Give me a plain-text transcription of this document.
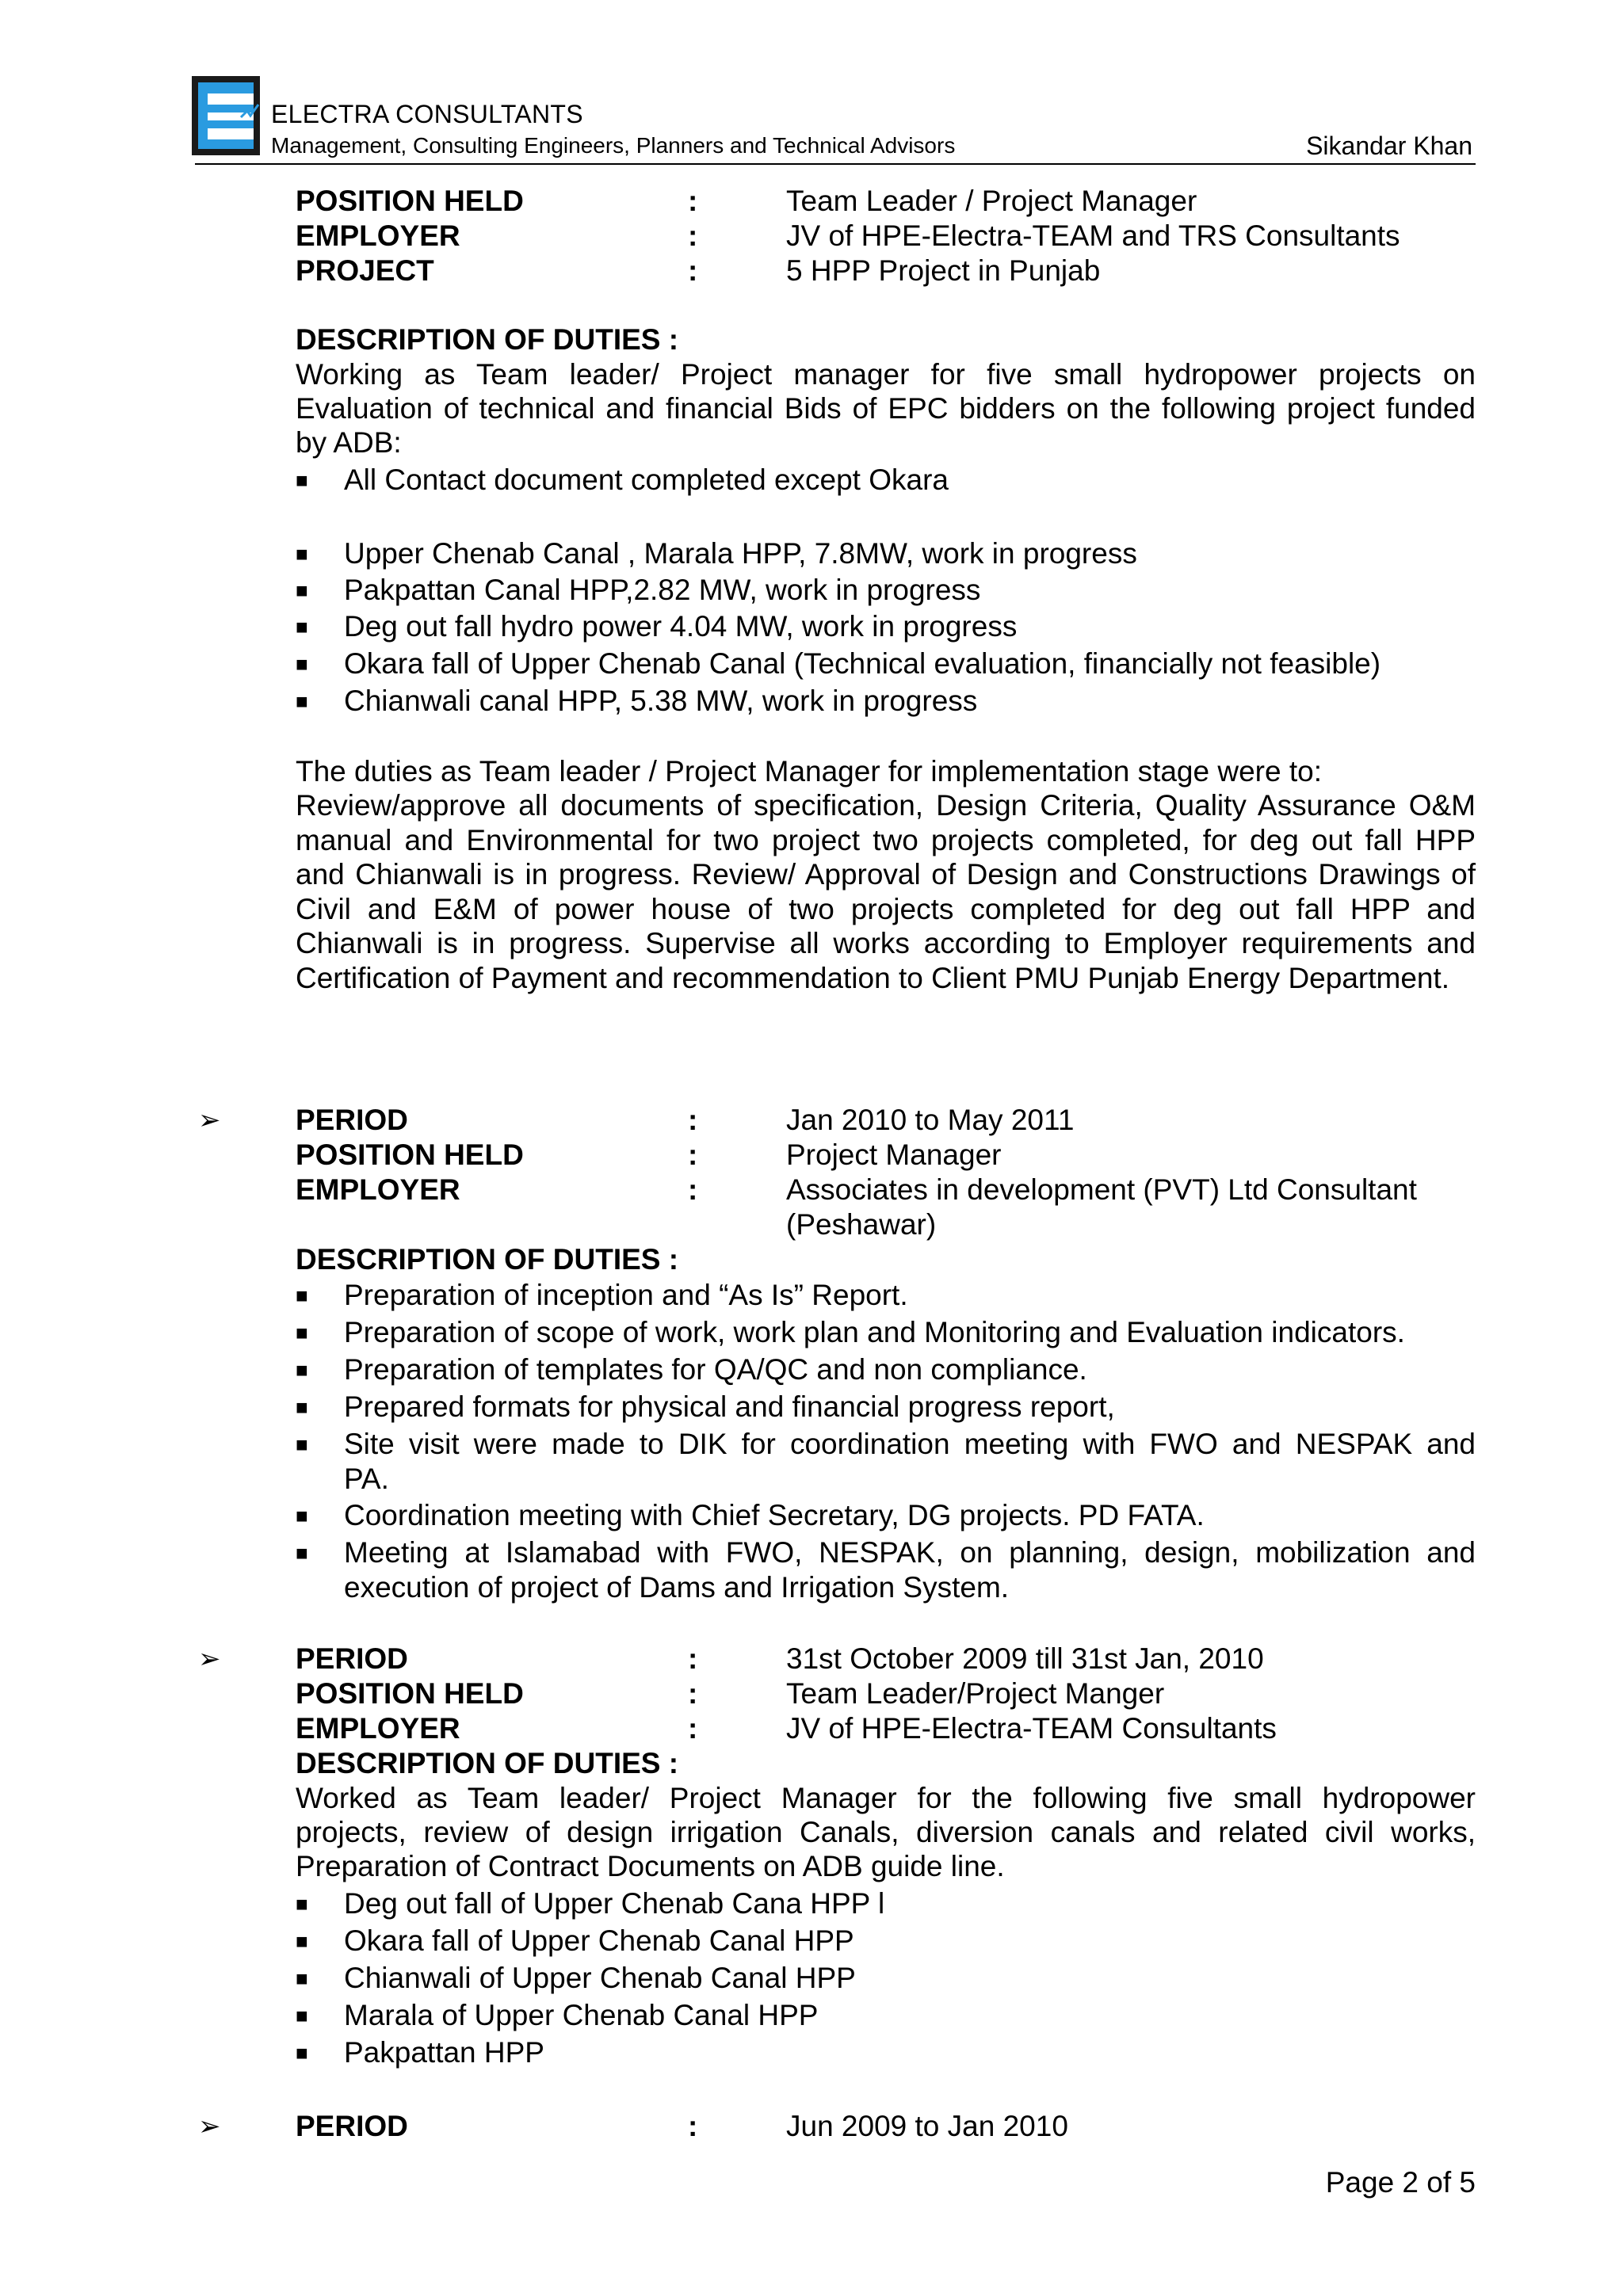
ELECTRA CONSULTANTS
Management, Consulting Engineers, Planners and Technical Advisors	Sikandar Khan
POSITION HELD	:	Team Leader / Project Manager
EMPLOYER	:	JV of HPE-Electra-TEAM and TRS Consultants
PROJECT	:	5 HPP Project in Punjab
DESCRIPTION OF DUTIES :
Working as Team leader/ Project manager for five small hydropower projects on
Evaluation of technical and financial Bids of EPC bidders on the following project funded
by ADB:
■ All Contact document completed except Okara
■ Upper Chenab Canal , Marala HPP, 7.8MW, work in progress
■ Pakpattan Canal HPP,2.82 MW, work in progress
■ Deg out fall hydro power 4.04 MW, work in progress
■ Okara fall of Upper Chenab Canal (Technical evaluation, financially not feasible)
■ Chianwali canal HPP, 5.38 MW, work in progress
The duties as Team leader / Project Manager for implementation stage were to:
Review/approve all documents of specification, Design Criteria, Quality Assurance O&M
manual and Environmental for two project two projects completed, for deg out fall HPP
and Chianwali is in progress. Review/ Approval of Design and Constructions Drawings of
Civil and E&M of power house of two projects completed for deg out fall HPP and
Chianwali is in progress. Supervise all works according to Employer requirements and
Certification of Payment and recommendation to Client PMU Punjab Energy Department.
➢	PERIOD	:	Jan 2010 to May 2011
POSITION HELD	:	Project Manager
EMPLOYER	:	Associates in development (PVT) Ltd Consultant
(Peshawar)
DESCRIPTION OF DUTIES :
■ Preparation of inception and “As Is” Report.
■ Preparation of scope of work, work plan and Monitoring and Evaluation indicators.
■ Preparation of templates for QA/QC and non compliance.
■ Prepared formats for physical and financial progress report,
■ Site visit were made to DIK for coordination meeting with FWO and NESPAK and
PA.
■ Coordination meeting with Chief Secretary, DG projects. PD FATA.
■ Meeting at Islamabad with FWO, NESPAK, on planning, design, mobilization and
execution of project of Dams and Irrigation System.
➢	PERIOD	:	31st October 2009 till 31st Jan, 2010
POSITION HELD	:	Team Leader/Project Manger
EMPLOYER	:	JV of HPE-Electra-TEAM Consultants
DESCRIPTION OF DUTIES :
Worked as Team leader/ Project Manager for the following five small hydropower
projects, review of design irrigation Canals, diversion canals and related civil works,
Preparation of Contract Documents on ADB guide line.
■ Deg out fall of Upper Chenab Cana HPP l
■ Okara fall of Upper Chenab Canal HPP
■ Chianwali of Upper Chenab Canal HPP
■ Marala of Upper Chenab Canal HPP
■ Pakpattan HPP
➢	PERIOD	:	Jun 2009 to Jan 2010
Page 2 of 5
